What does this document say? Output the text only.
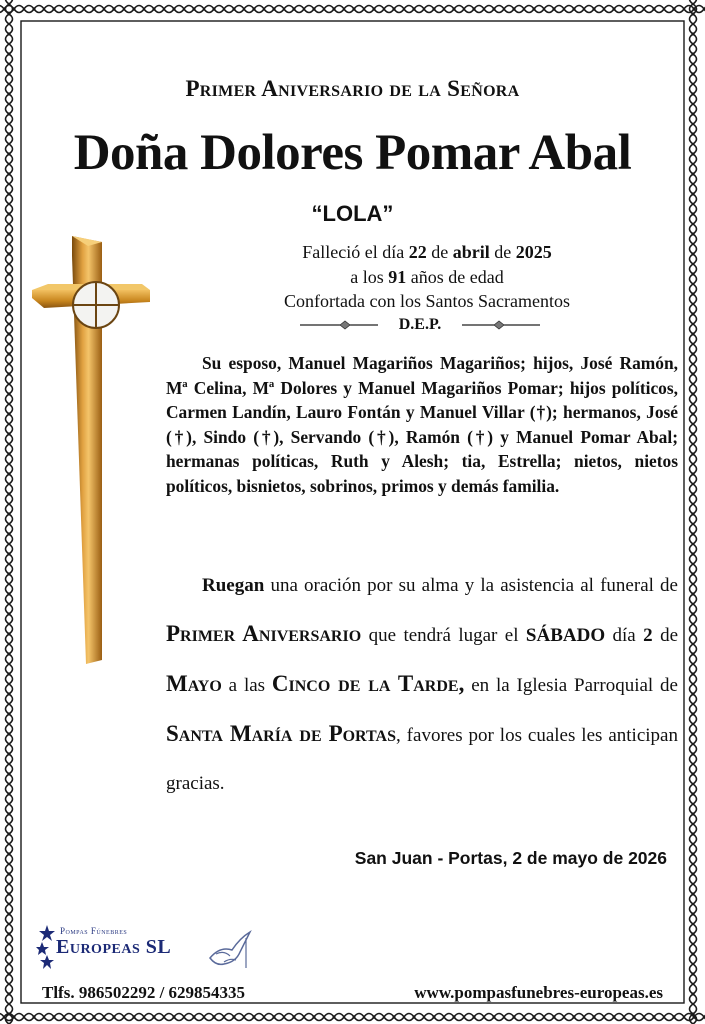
Primer Aniversario de la Señora
Doña Dolores Pomar Abal
“LOLA”
Falleció el día 22 de abril de 2025
a los 91 años de edad
Confortada con los Santos Sacramentos
D.E.P.
Su esposo, Manuel Magariños Magariños; hijos, José Ramón, Mª Celina, Mª Dolores y Manuel Magariños Pomar; hijos políticos, Carmen Landín, Lauro Fontán y Manuel Villar (†); hermanos, José (†), Sindo (†), Servando (†), Ramón (†) y Manuel Pomar Abal; hermanas políticas, Ruth y Alesh; tia, Estrella; nietos, nietos políticos, bisnietos, sobrinos, primos y demás familia.
Ruegan una oración por su alma y la asistencia al funeral de Primer Aniversario que tendrá lugar el SÁBADO día 2 de Mayo a las Cinco de la Tarde, en la Iglesia Parroquial de Santa María de Portas, favores por los cuales les anticipan gracias.
San Juan - Portas, 2 de mayo de 2026
Pompas Fúnebres
Europeas SL
Tlfs. 986502292 / 629854335	www.pompasfunebres-europeas.es
